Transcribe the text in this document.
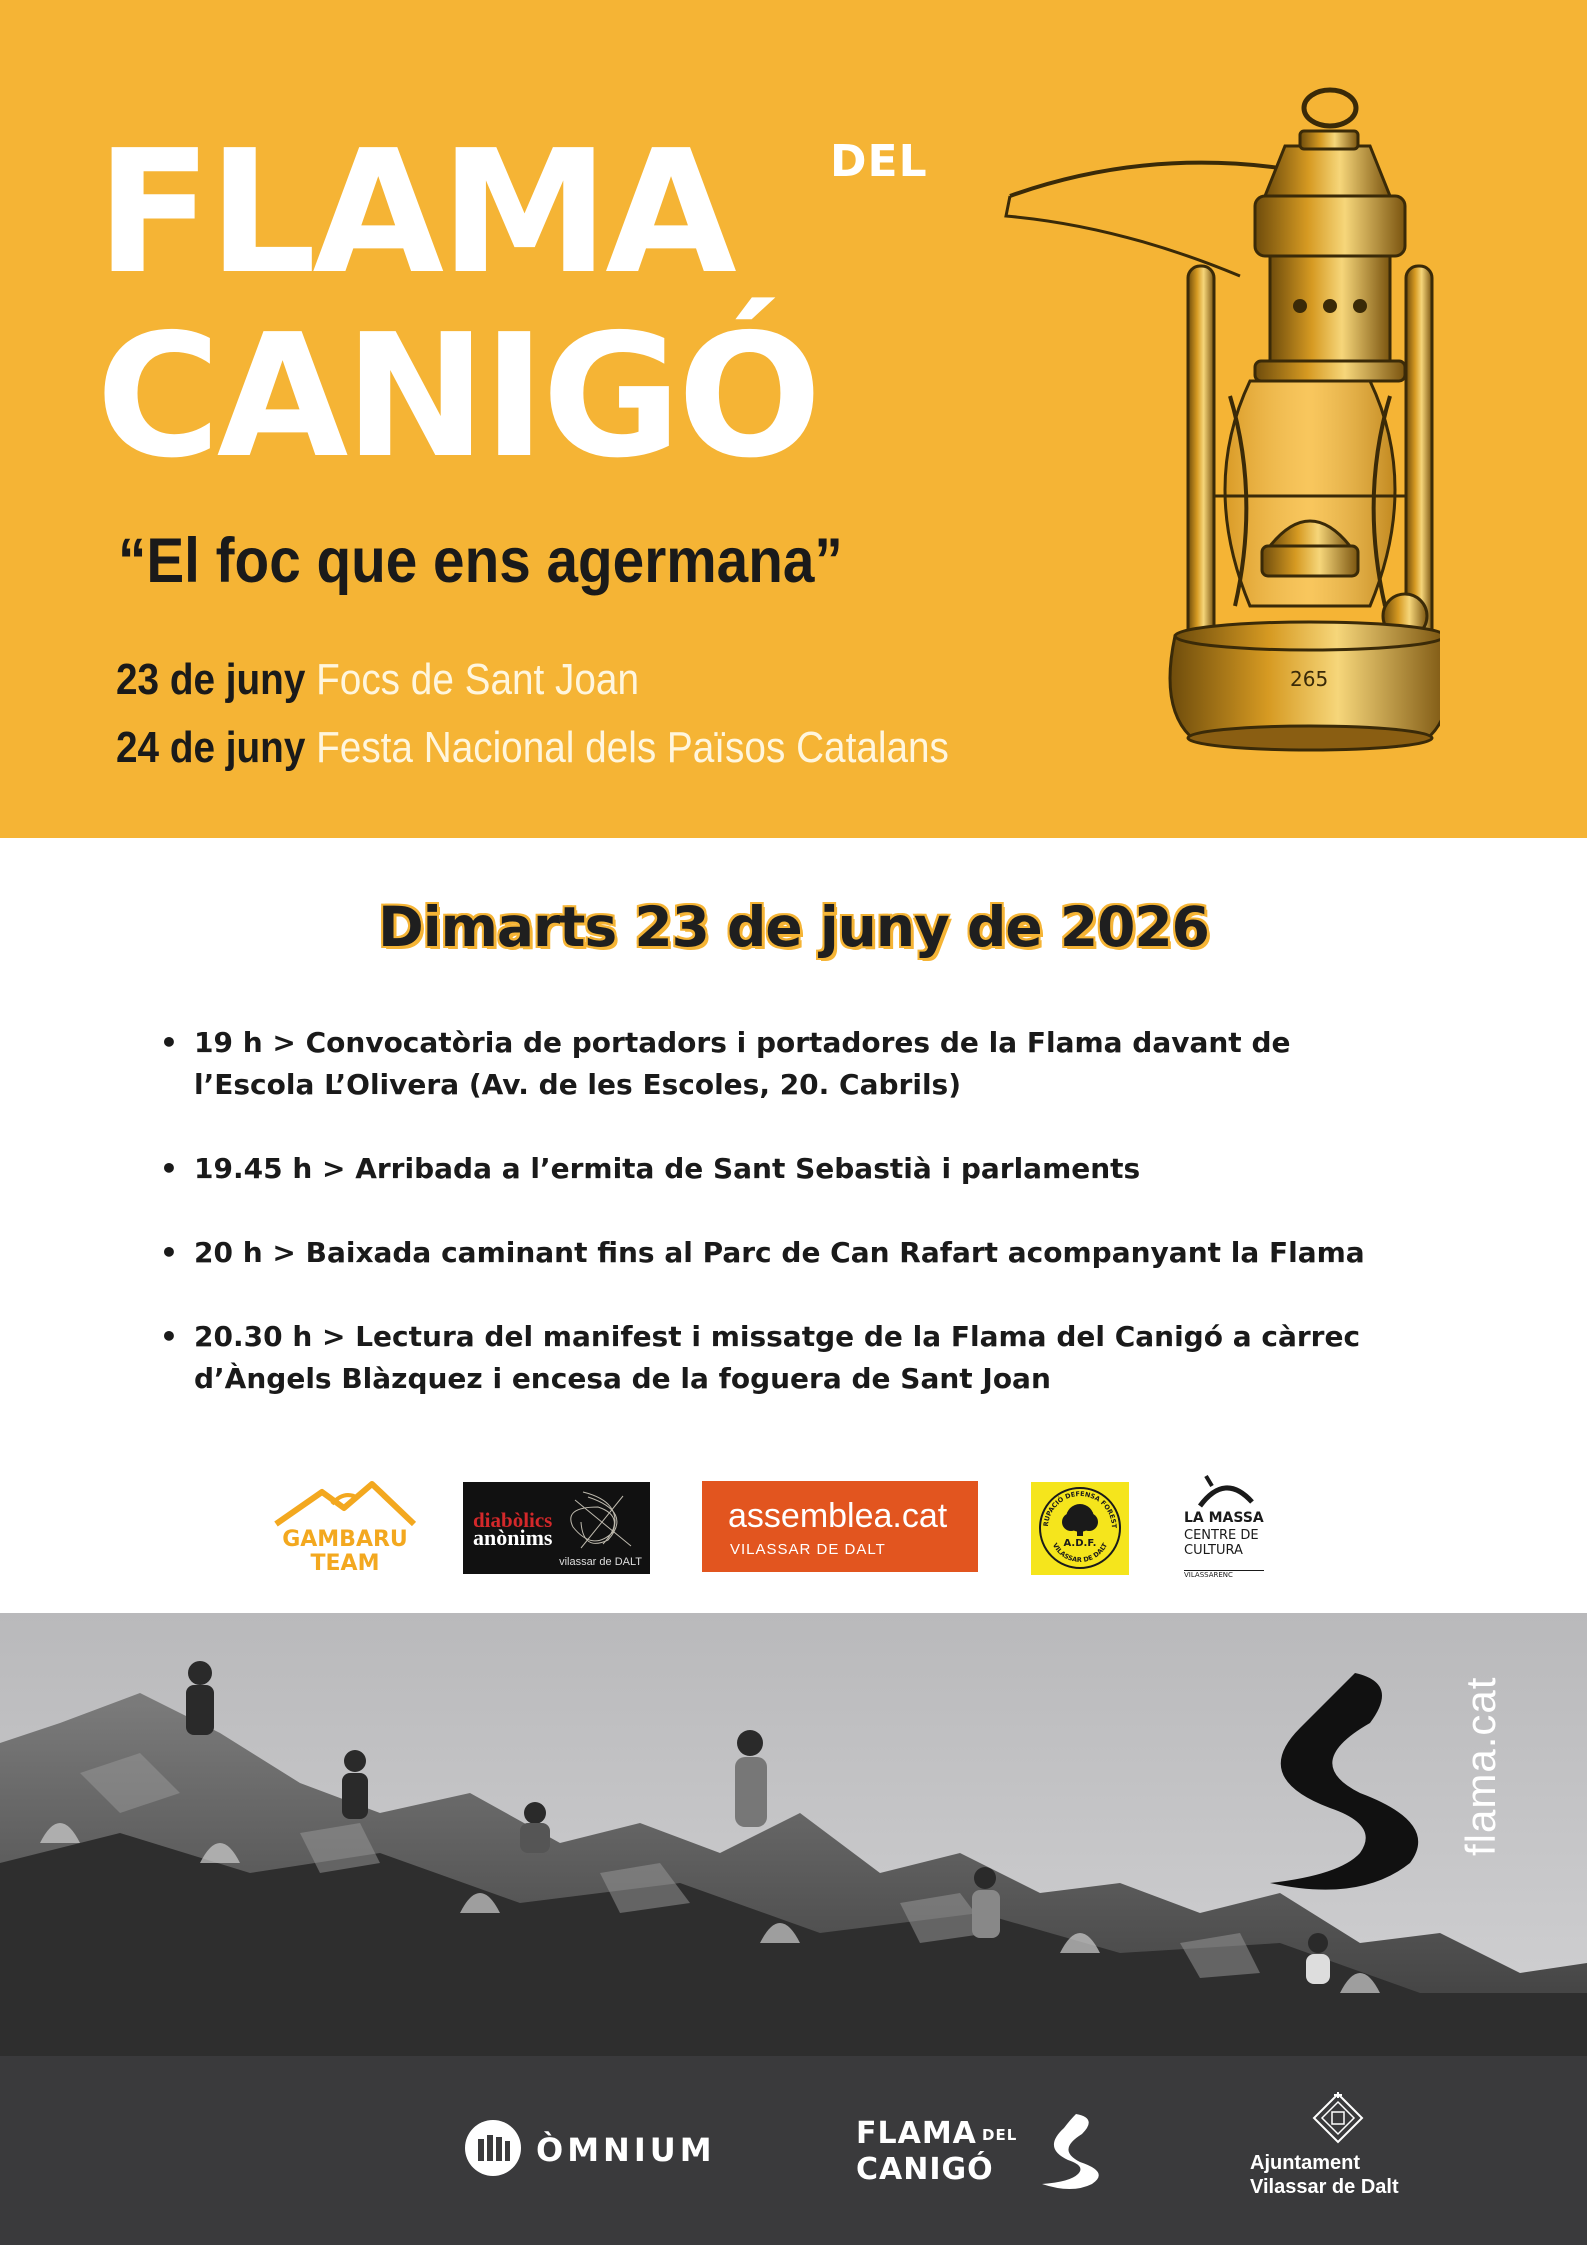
FLAMA DEL
CANIGÓ
“El foc que ens agermana”
23 de juny Focs de Sant Joan
24 de juny Festa Nacional dels Països Catalans
265
Dimarts 23 de juny de 2026
• 19 h > Convocatòria de portadors i portadores de la Flama davant de l’Escola L’Olivera (Av. de les Escoles, 20. Cabrils)
• 19.45 h > Arribada a l’ermita de Sant Sebastià i parlaments
• 20 h > Baixada caminant fins al Parc de Can Rafart acompanyant la Flama
• 20.30 h > Lectura del manifest i missatge de la Flama del Canigó a càrrec d’Àngels Blàzquez i encesa de la foguera de Sant Joan
GAMBARU
TEAM
diabòlics
anònims
vilassar de DALT
assemblea.cat
VILASSAR DE DALT
RUPACIÓ DEFENSA FOREST
VILASSAR DE DALT
A.D.F.
LA MASSA
CENTRE DE
CULTURA
VILASSARENC
flama.cat
ÒMNIUM	FLAMA DEL
CANIGÓ	Ajuntament
Vilassar de Dalt
